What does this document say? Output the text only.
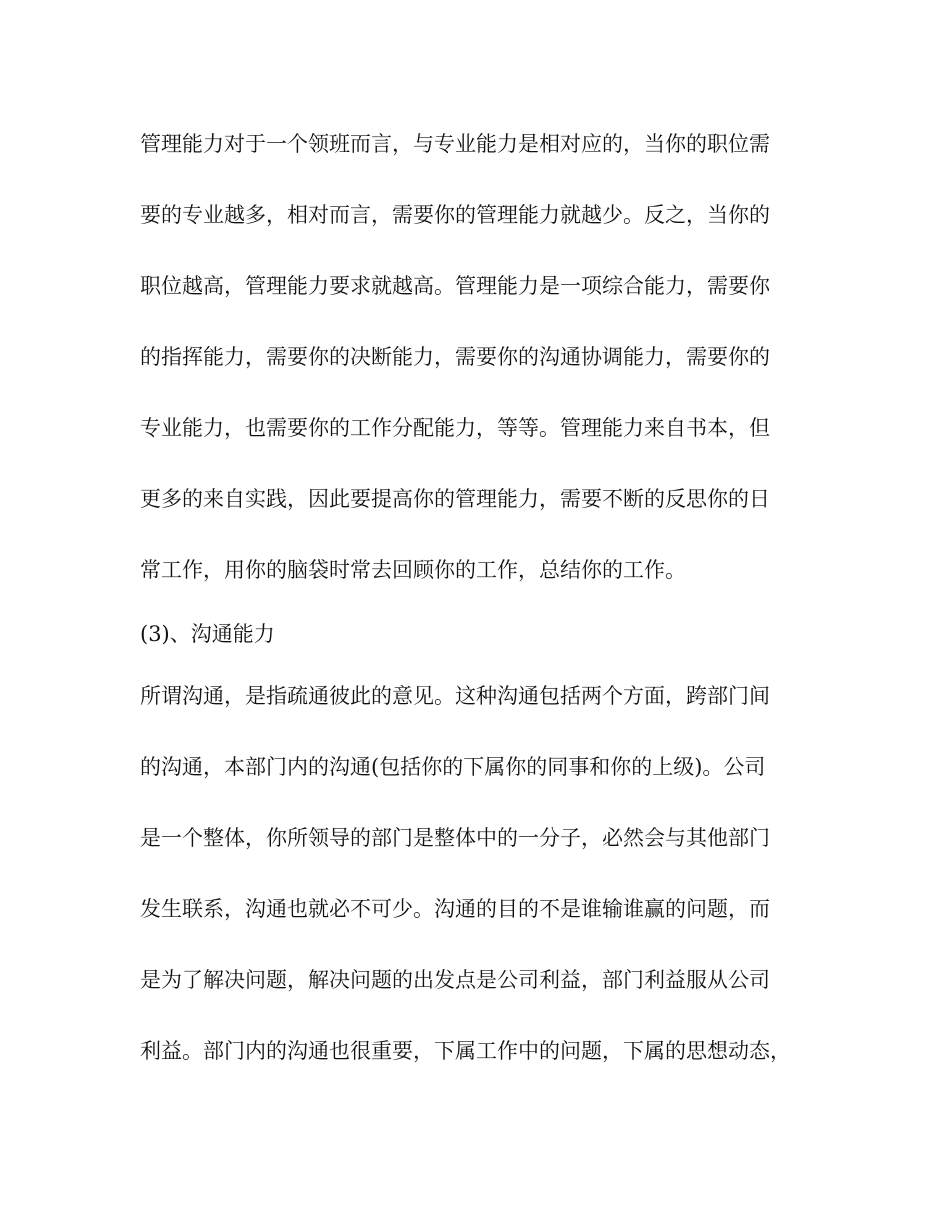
管理能力对于一个领班而言，与专业能力是相对应的，当你的职位需
要的专业越多，相对而言，需要你的管理能力就越少。反之，当你的
职位越高，管理能力要求就越高。管理能力是一项综合能力，需要你
的指挥能力，需要你的决断能力，需要你的沟通协调能力，需要你的
专业能力，也需要你的工作分配能力，等等。管理能力来自书本，但
更多的来自实践，因此要提高你的管理能力，需要不断的反思你的日
常工作，用你的脑袋时常去回顾你的工作，总结你的工作。
(3)、沟通能力
所谓沟通，是指疏通彼此的意见。这种沟通包括两个方面，跨部门间
的沟通，本部门内的沟通(包括你的下属你的同事和你的上级)。公司
是一个整体，你所领导的部门是整体中的一分子，必然会与其他部门
发生联系，沟通也就必不可少。沟通的目的不是谁输谁赢的问题，而
是为了解决问题，解决问题的出发点是公司利益，部门利益服从公司
利益。部门内的沟通也很重要，下属工作中的问题，下属的思想动态，
